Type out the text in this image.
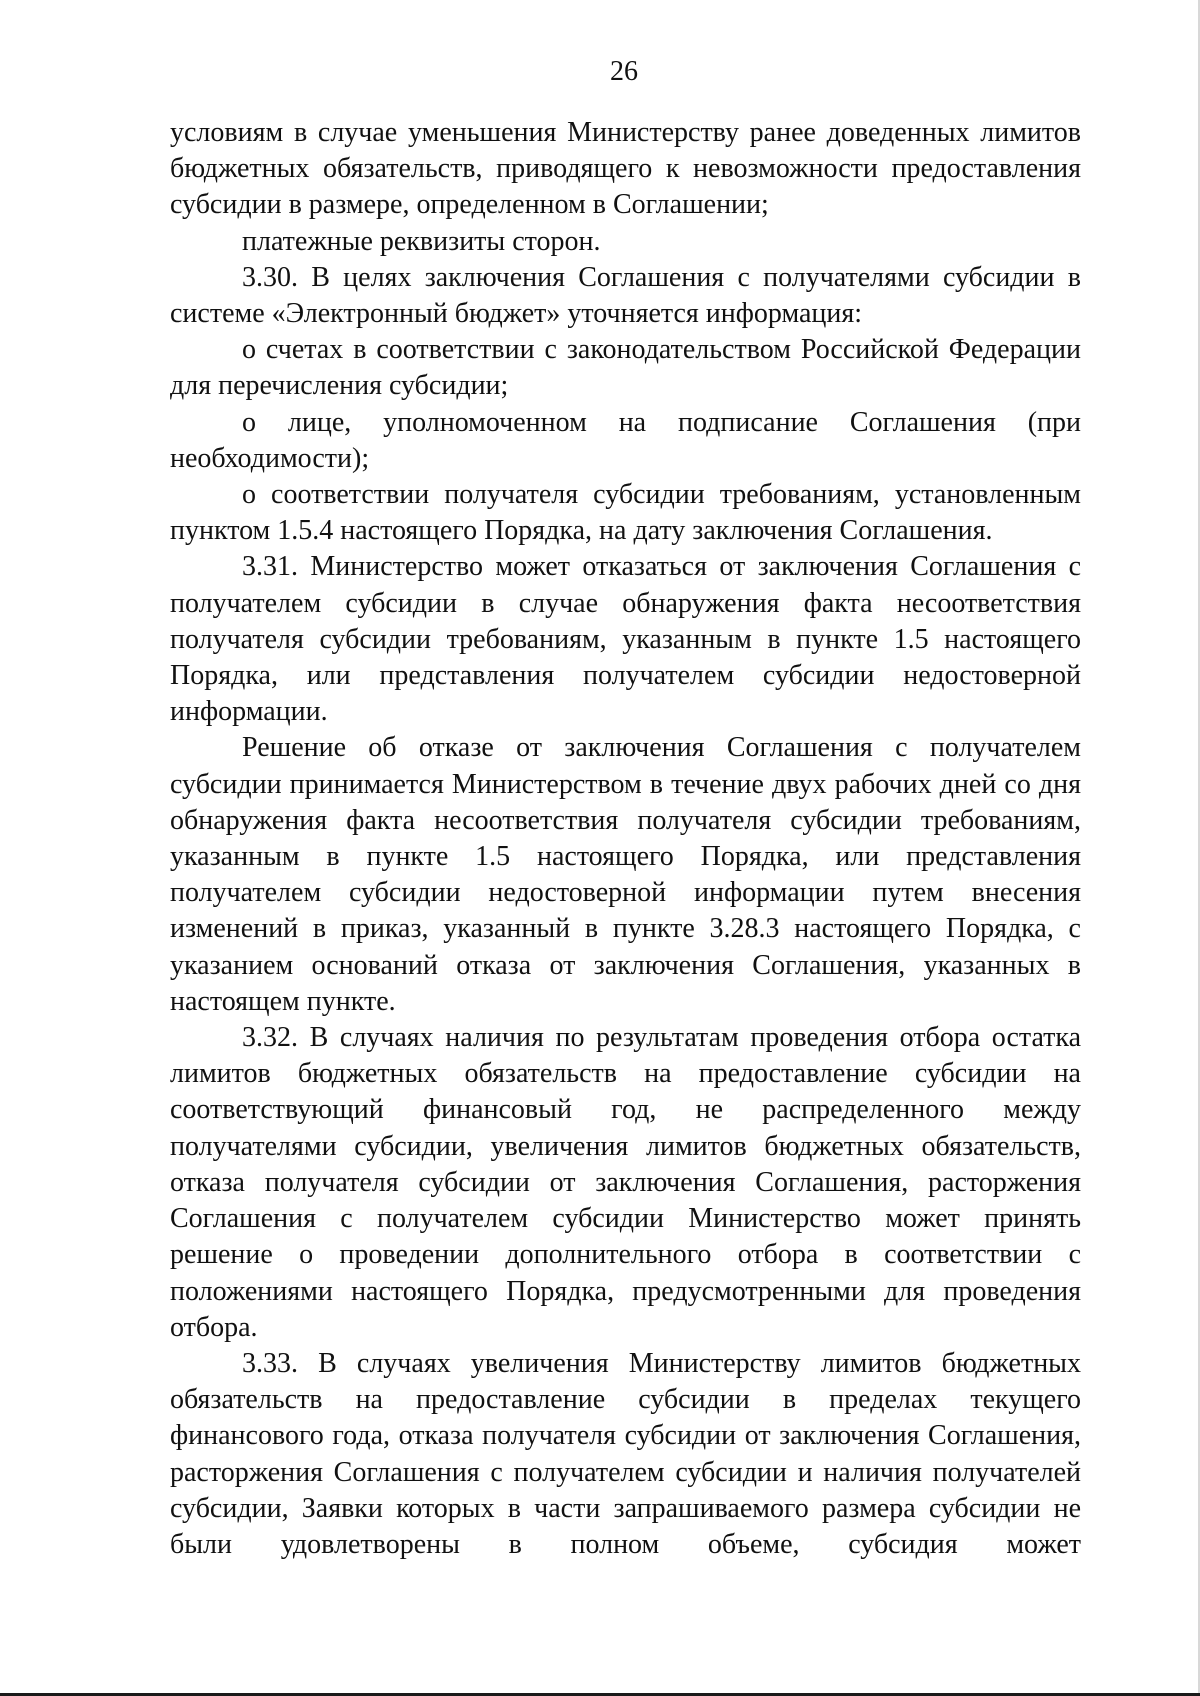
26

условиям в случае уменьшения Министерству ранее доведенных лимитов бюджетных обязательств, приводящего к невозможности предоставления субсидии в размере, определенном в Соглашении;

платежные реквизиты сторон.

3.30. В целях заключения Соглашения с получателями субсидии в системе «Электронный бюджет» уточняется информация:

о счетах в соответствии с законодательством Российской Федерации для перечисления субсидии;

о лице, уполномоченном на подписание Соглашения (при необходимости);

о соответствии получателя субсидии требованиям, установленным пунктом 1.5.4 настоящего Порядка, на дату заключения Соглашения.

3.31. Министерство может отказаться от заключения Соглашения с получателем субсидии в случае обнаружения факта несоответствия получателя субсидии требованиям, указанным в пункте 1.5 настоящего Порядка, или представления получателем субсидии недостоверной информации.

Решение об отказе от заключения Соглашения с получателем субсидии принимается Министерством в течение двух рабочих дней со дня обнаружения факта несоответствия получателя субсидии требованиям, указанным в пункте 1.5 настоящего Порядка, или представления получателем субсидии недостоверной информации путем внесения изменений в приказ, указанный в пункте 3.28.3 настоящего Порядка, с указанием оснований отказа от заключения Соглашения, указанных в настоящем пункте.

3.32. В случаях наличия по результатам проведения отбора остатка лимитов бюджетных обязательств на предоставление субсидии на соответствующий финансовый год, не распределенного между получателями субсидии, увеличения лимитов бюджетных обязательств, отказа получателя субсидии от заключения Соглашения, расторжения Соглашения с получателем субсидии Министерство может принять решение о проведении дополнительного отбора в соответствии с положениями настоящего Порядка, предусмотренными для проведения отбора.

3.33. В случаях увеличения Министерству лимитов бюджетных обязательств на предоставление субсидии в пределах текущего финансового года, отказа получателя субсидии от заключения Соглашения, расторжения Соглашения с получателем субсидии и наличия получателей субсидии, Заявки которых в части запрашиваемого размера субсидии не были удовлетворены в полном объеме, субсидия может
